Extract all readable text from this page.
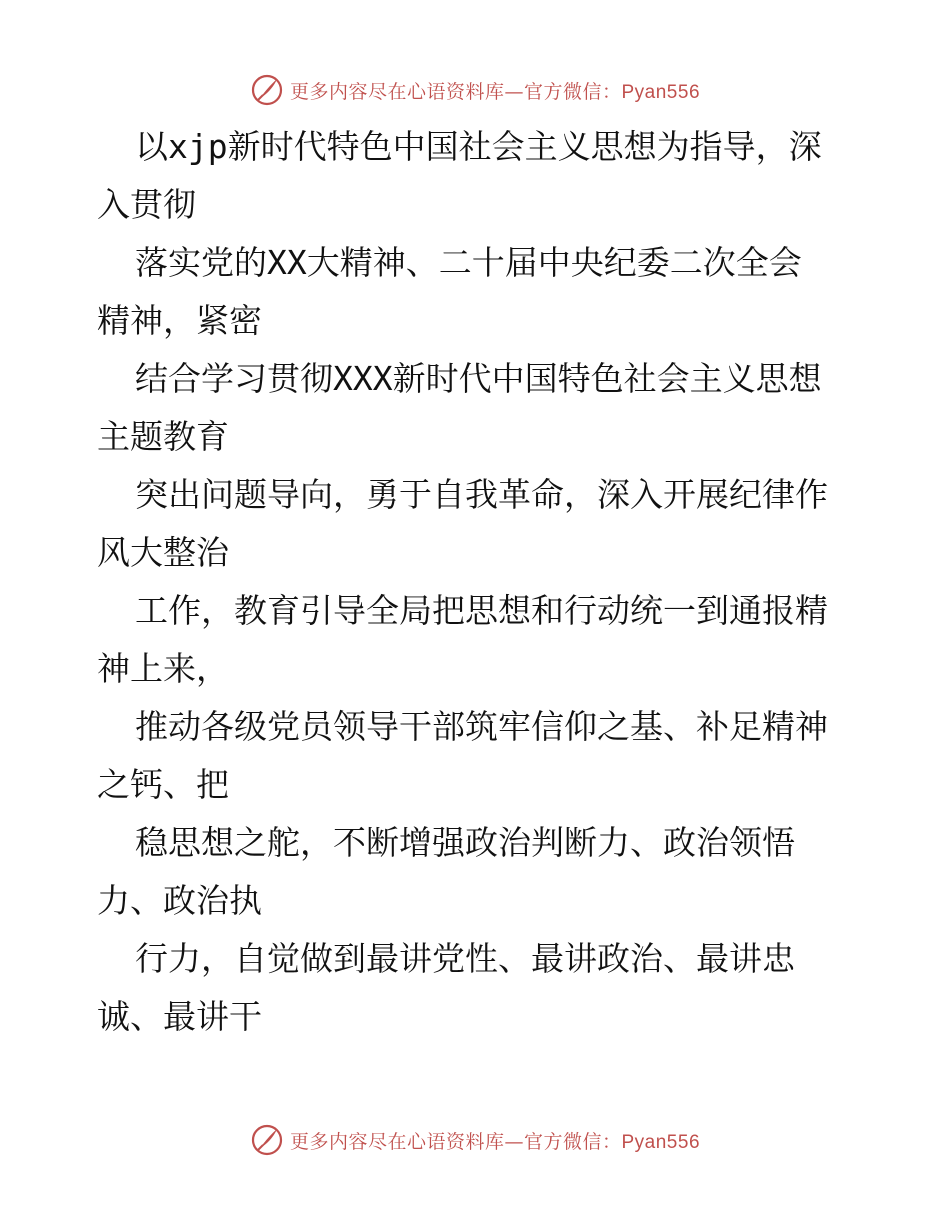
更多内容尽在心语资料库—官方微信：Pyan556
以xjp新时代特色中国社会主义思想为指导，深
入贯彻
落实党的XX大精神、二十届中央纪委二次全会
精神，紧密
结合学习贯彻XXX新时代中国特色社会主义思想
主题教育
突出问题导向，勇于自我革命，深入开展纪律作
风大整治
工作，教育引导全局把思想和行动统一到通报精
神上来，
推动各级党员领导干部筑牢信仰之基、补足精神
之钙、把
稳思想之舵，不断增强政治判断力、政治领悟
力、政治执
行力，自觉做到最讲党性、最讲政治、最讲忠
诚、最讲干
更多内容尽在心语资料库—官方微信：Pyan556
